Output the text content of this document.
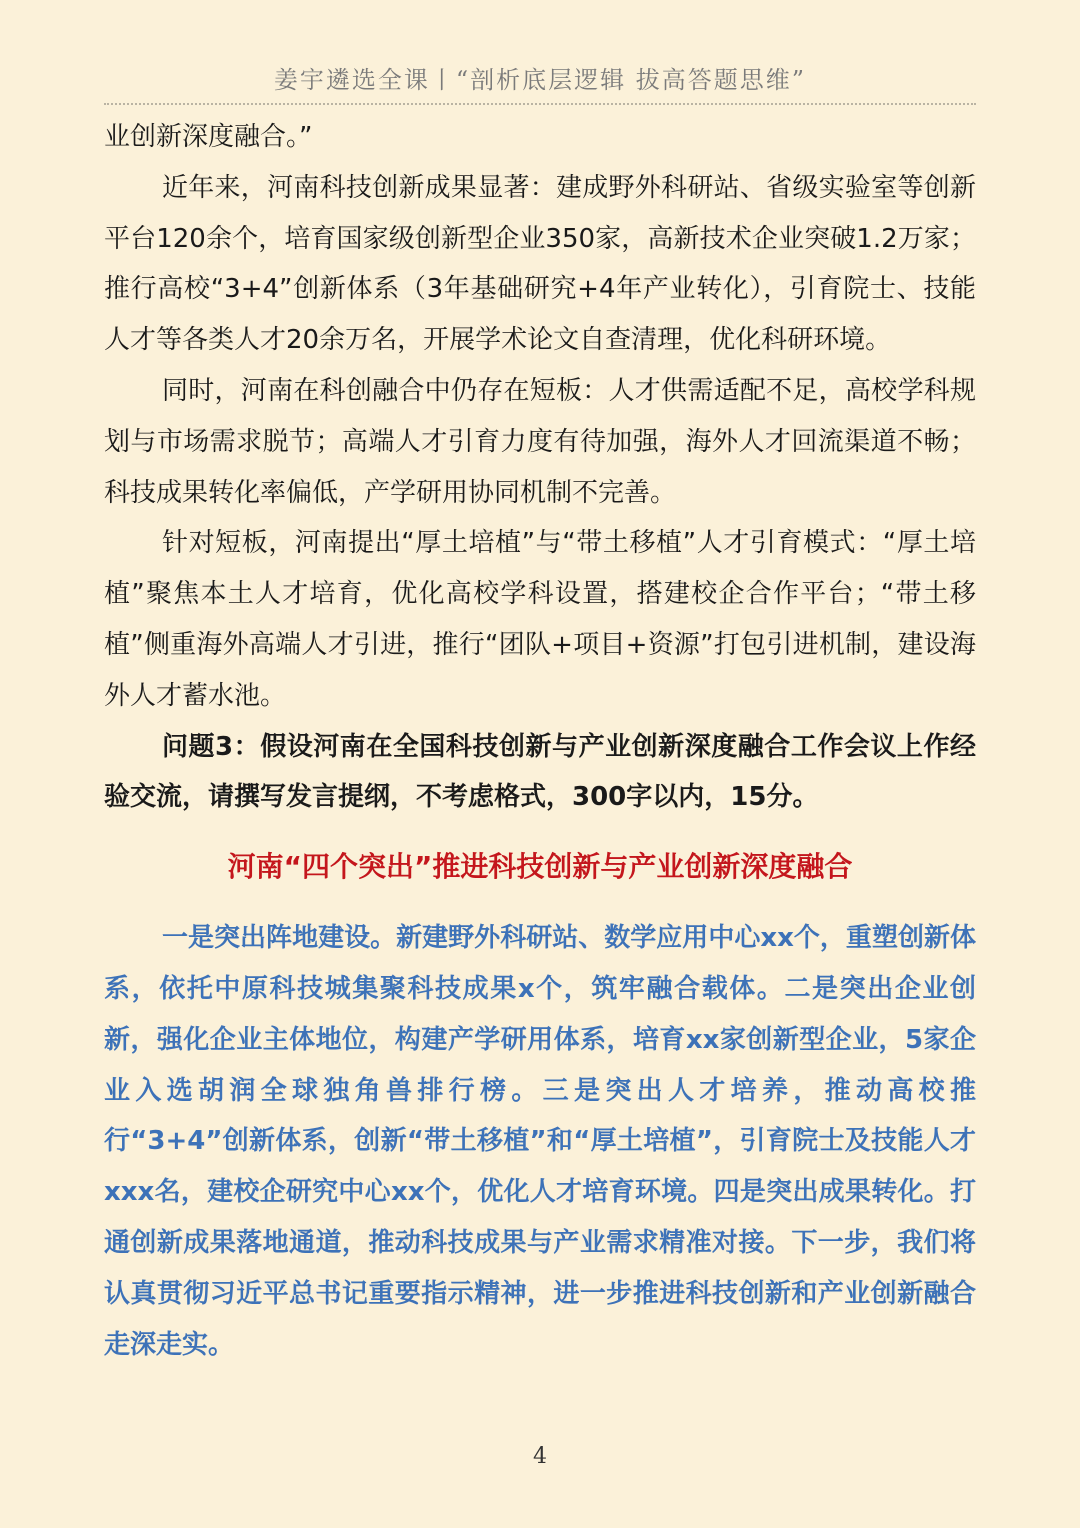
姜宇遴选全课丨“剖析底层逻辑 拔高答题思维”

业创新深度融合。”

近年来，河南科技创新成果显著：建成野外科研站、省级实验室等创新平台120余个，培育国家级创新型企业350家，高新技术企业突破1.2万家；推行高校“3+4”创新体系（3年基础研究+4年产业转化），引育院士、技能人才等各类人才20余万名，开展学术论文自查清理，优化科研环境。

同时，河南在科创融合中仍存在短板：人才供需适配不足，高校学科规划与市场需求脱节；高端人才引育力度有待加强，海外人才回流渠道不畅；科技成果转化率偏低，产学研用协同机制不完善。

针对短板，河南提出“厚土培植”与“带土移植”人才引育模式：“厚土培植”聚焦本土人才培育，优化高校学科设置，搭建校企合作平台；“带土移植”侧重海外高端人才引进，推行“团队+项目+资源”打包引进机制，建设海外人才蓄水池。

问题3：假设河南在全国科技创新与产业创新深度融合工作会议上作经验交流，请撰写发言提纲，不考虑格式，300字以内，15分。

河南“四个突出”推进科技创新与产业创新深度融合

一是突出阵地建设。新建野外科研站、数学应用中心xx个，重塑创新体系，依托中原科技城集聚科技成果x个，筑牢融合载体。二是突出企业创新，强化企业主体地位，构建产学研用体系，培育xx家创新型企业，5家企业入选胡润全球独角兽排行榜。三是突出人才培养，推动高校推行“3+4”创新体系，创新“带土移植”和“厚土培植”，引育院士及技能人才xxx名，建校企研究中心xx个，优化人才培育环境。四是突出成果转化。打通创新成果落地通道，推动科技成果与产业需求精准对接。下一步，我们将认真贯彻习近平总书记重要指示精神，进一步推进科技创新和产业创新融合走深走实。

4
